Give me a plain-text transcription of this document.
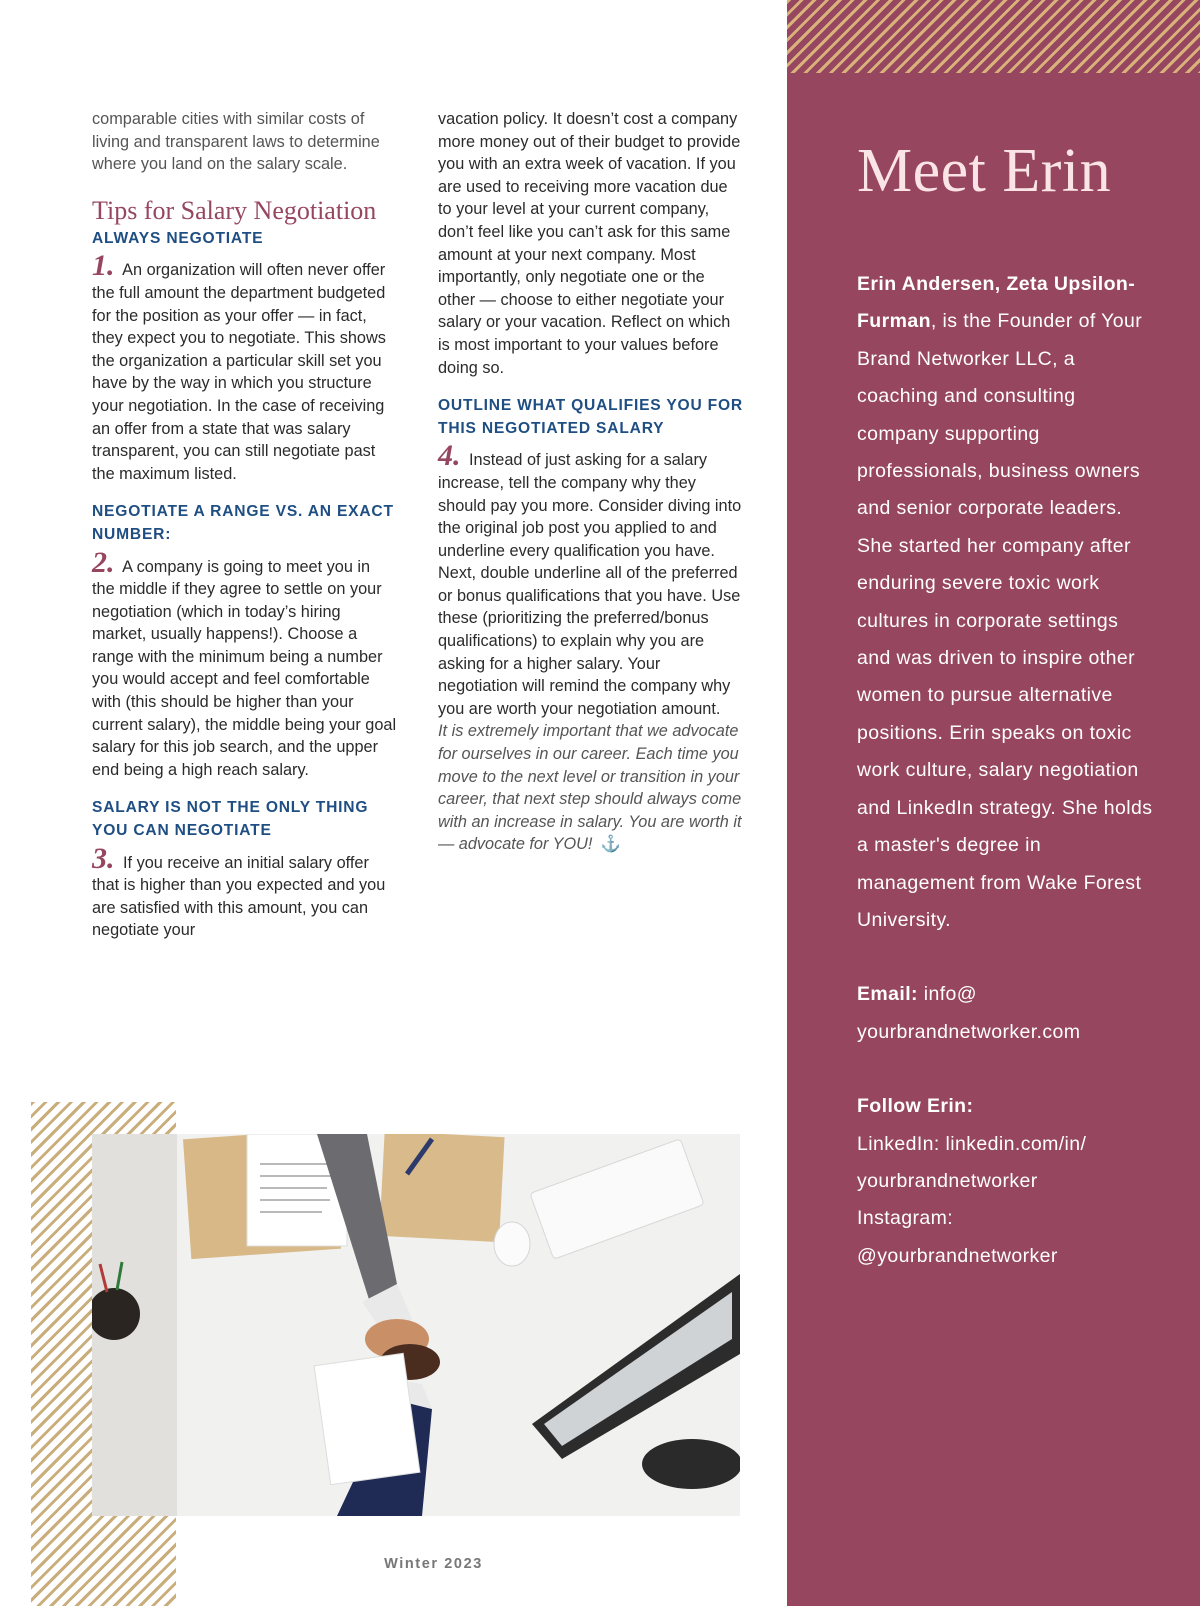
comparable cities with similar costs of living and transparent laws to determine where you land on the salary scale.

Tips for Salary Negotiation
ALWAYS NEGOTIATE

1. An organization will often never offer the full amount the department budgeted for the position as your offer — in fact, they expect you to negotiate. This shows the organization a particular skill set you have by the way in which you structure your negotiation. In the case of receiving an offer from a state that was salary transparent, you can still negotiate past the maximum listed.

NEGOTIATE A RANGE VS. AN EXACT NUMBER:

2. A company is going to meet you in the middle if they agree to settle on your negotiation (which in today’s hiring market, usually happens!). Choose a range with the minimum being a number you would accept and feel comfortable with (this should be higher than your current salary), the middle being your goal salary for this job search, and the upper end being a high reach salary.

SALARY IS NOT THE ONLY THING YOU CAN NEGOTIATE

3. If you receive an initial salary offer that is higher than you expected and you are satisfied with this amount, you can negotiate your

vacation policy. It doesn’t cost a company more money out of their budget to provide you with an extra week of vacation. If you are used to receiving more vacation due to your level at your current company, don’t feel like you can’t ask for this same amount at your next company. Most importantly, only negotiate one or the other — choose to either negotiate your salary or your vacation. Reflect on which is most important to your values before doing so.

OUTLINE WHAT QUALIFIES YOU FOR THIS NEGOTIATED SALARY

4. Instead of just asking for a salary increase, tell the company why they should pay you more. Consider diving into the original job post you applied to and underline every qualification you have. Next, double underline all of the preferred or bonus qualifications that you have. Use these (prioritizing the preferred/bonus qualifications) to explain why you are asking for a higher salary. Your negotiation will remind the company why you are worth your negotiation amount.

It is extremely important that we advocate for ourselves in our career. Each time you move to the next level or transition in your career, that next step should always come with an increase in salary. You are worth it — advocate for YOU! ⚓

Winter 2023
Meet Erin

Erin Andersen, Zeta Upsilon-Furman, is the Founder of Your Brand Networker LLC, a coaching and consulting company supporting professionals, business owners and senior corporate leaders. She started her company after enduring severe toxic work cultures in corporate settings and was driven to inspire other women to pursue alternative positions. Erin speaks on toxic work culture, salary negotiation and LinkedIn strategy. She holds a master's degree in management from Wake Forest University.

Email: info@ yourbrandnetworker.com

Follow Erin:

LinkedIn: linkedin.com/in/ yourbrandnetworker

Instagram: @yourbrandnetworker
